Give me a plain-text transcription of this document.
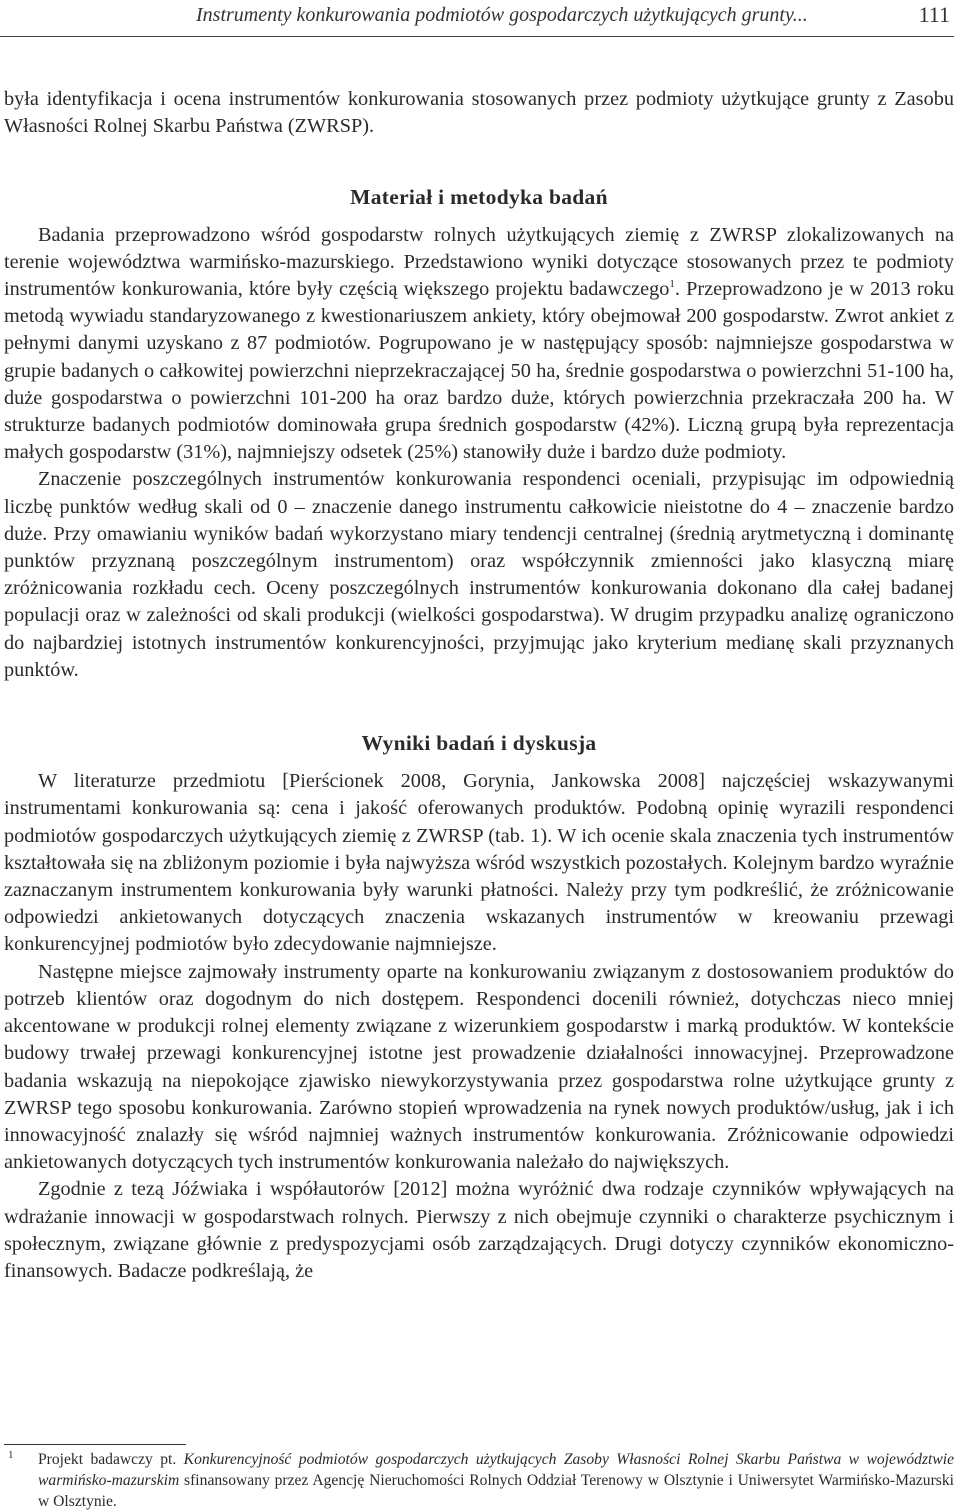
Instrumenty konkurowania podmiotów gospodarczych użytkujących grunty...	111

była identyfikacja i ocena instrumentów konkurowania stosowanych przez podmioty użytkujące grunty z Zasobu Własności Rolnej Skarbu Państwa (ZWRSP).

Materiał i metodyka badań

Badania przeprowadzono wśród gospodarstw rolnych użytkujących ziemię z ZWRSP zlokalizowanych na terenie województwa warmińsko-mazurskiego. Przedstawiono wyniki dotyczące stosowanych przez te podmioty instrumentów konkurowania, które były częścią większego projektu badawczego$^1$. Przeprowadzono je w 2013 roku metodą wywiadu standaryzowanego z kwestionariuszem ankiety, który obejmował 200 gospodarstw. Zwrot ankiet z pełnymi danymi uzyskano z 87 podmiotów. Pogrupowano je w następujący sposób: najmniejsze gospodarstwa w grupie badanych o całkowitej powierzchni nieprzekraczającej 50 ha, średnie gospodarstwa o powierzchni 51-100 ha, duże gospodarstwa o powierzchni 101-200 ha oraz bardzo duże, których powierzchnia przekraczała 200 ha. W strukturze badanych podmiotów dominowała grupa średnich gospodarstw (42%). Liczną grupą była reprezentacja małych gospodarstw (31%), najmniejszy odsetek (25%) stanowiły duże i bardzo duże podmioty.

Znaczenie poszczególnych instrumentów konkurowania respondenci oceniali, przypisując im odpowiednią liczbę punktów według skali od 0 – znaczenie danego instrumentu całkowicie nieistotne do 4 – znaczenie bardzo duże. Przy omawianiu wyników badań wykorzystano miary tendencji centralnej (średnią arytmetyczną i dominantę punktów przyznaną poszczególnym instrumentom) oraz współczynnik zmienności jako klasyczną miarę zróżnicowania rozkładu cech. Oceny poszczególnych instrumentów konkurowania dokonano dla całej badanej populacji oraz w zależności od skali produkcji (wielkości gospodarstwa). W drugim przypadku analizę ograniczono do najbardziej istotnych instrumentów konkurencyjności, przyjmując jako kryterium medianę skali przyznanych punktów.

Wyniki badań i dyskusja

W literaturze przedmiotu [Pierścionek 2008, Gorynia, Jankowska 2008] najczęściej wskazywanymi instrumentami konkurowania są: cena i jakość oferowanych produktów. Podobną opinię wyrazili respondenci podmiotów gospodarczych użytkujących ziemię z ZWRSP (tab. 1). W ich ocenie skala znaczenia tych instrumentów kształtowała się na zbliżonym poziomie i była najwyższa wśród wszystkich pozostałych. Kolejnym bardzo wyraźnie zaznaczanym instrumentem konkurowania były warunki płatności. Należy przy tym podkreślić, że zróżnicowanie odpowiedzi ankietowanych dotyczących znaczenia wskazanych instrumentów w kreowaniu przewagi konkurencyjnej podmiotów było zdecydowanie najmniejsze.

Następne miejsce zajmowały instrumenty oparte na konkurowaniu związanym z dostosowaniem produktów do potrzeb klientów oraz dogodnym do nich dostępem. Respondenci docenili również, dotychczas nieco mniej akcentowane w produkcji rolnej elementy związane z wizerunkiem gospodarstw i marką produktów. W kontekście budowy trwałej przewagi konkurencyjnej istotne jest prowadzenie działalności innowacyjnej. Przeprowadzone badania wskazują na niepokojące zjawisko niewykorzystywania przez gospodarstwa rolne użytkujące grunty z ZWRSP tego sposobu konkurowania. Zarówno stopień wprowadzenia na rynek nowych produktów/usług, jak i ich innowacyjność znalazły się wśród najmniej ważnych instrumentów konkurowania. Zróżnicowanie odpowiedzi ankietowanych dotyczących tych instrumentów konkurowania należało do największych.

Zgodnie z tezą Jóźwiaka i współautorów [2012] można wyróżnić dwa rodzaje czynników wpływających na wdrażanie innowacji w gospodarstwach rolnych. Pierwszy z nich obejmuje czynniki o charakterze psychicznym i społecznym, związane głównie z predyspozycjami osób zarządzających. Drugi dotyczy czynników ekonomiczno-finansowych. Badacze podkreślają, że

1 Projekt badawczy pt. Konkurencyjność podmiotów gospodarczych użytkujących Zasoby Własności Rolnej Skarbu Państwa w województwie warmińsko-mazurskim sfinansowany przez Agencję Nieruchomości Rolnych Oddział Terenowy w Olsztynie i Uniwersytet Warmińsko-Mazurski w Olsztynie.
